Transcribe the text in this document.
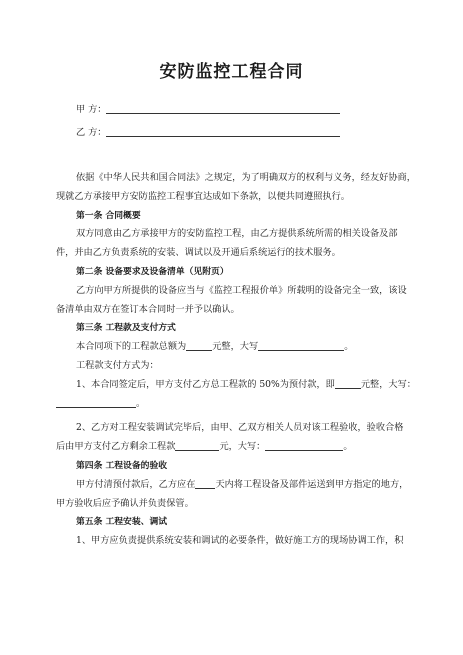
安防监控工程合同
甲 方：
乙 方：

依据《中华人民共和国合同法》之规定，为了明确双方的权利与义务，经友好协商，

现就乙方承接甲方安防监控工程事宜达成如下条款，以便共同遵照执行。

第一条 合同概要

双方同意由乙方承接甲方的安防监控工程，由乙方提供系统所需的相关设备及部

件，并由乙方负责系统的安装、调试以及开通后系统运行的技术服务。

第二条 设备要求及设备清单（见附页）

乙方向甲方所提供的设备应当与《监控工程报价单》所载明的设备完全一致，该设

备清单由双方在签订本合同时一并予以确认。

第三条 工程款及支付方式

本合同项下的工程款总额为	元整，大写	。

工程款支付方式为：

1、本合同签定后，甲方支付乙方总工程款的 50%为预付款，即	元整，大写：

。

2、乙方对工程安装调试完毕后，由甲、乙双方相关人员对该工程验收，验收合格

后由甲方支付乙方剩余工程款	元，大写：	。

第四条 工程设备的验收

甲方付清预付款后，乙方应在 天内将工程设备及部件运送到甲方指定的地方，

甲方验收后应予确认并负责保管。

第五条 工程安装、调试

1、甲方应负责提供系统安装和调试的必要条件，做好施工方的现场协调工作，积
